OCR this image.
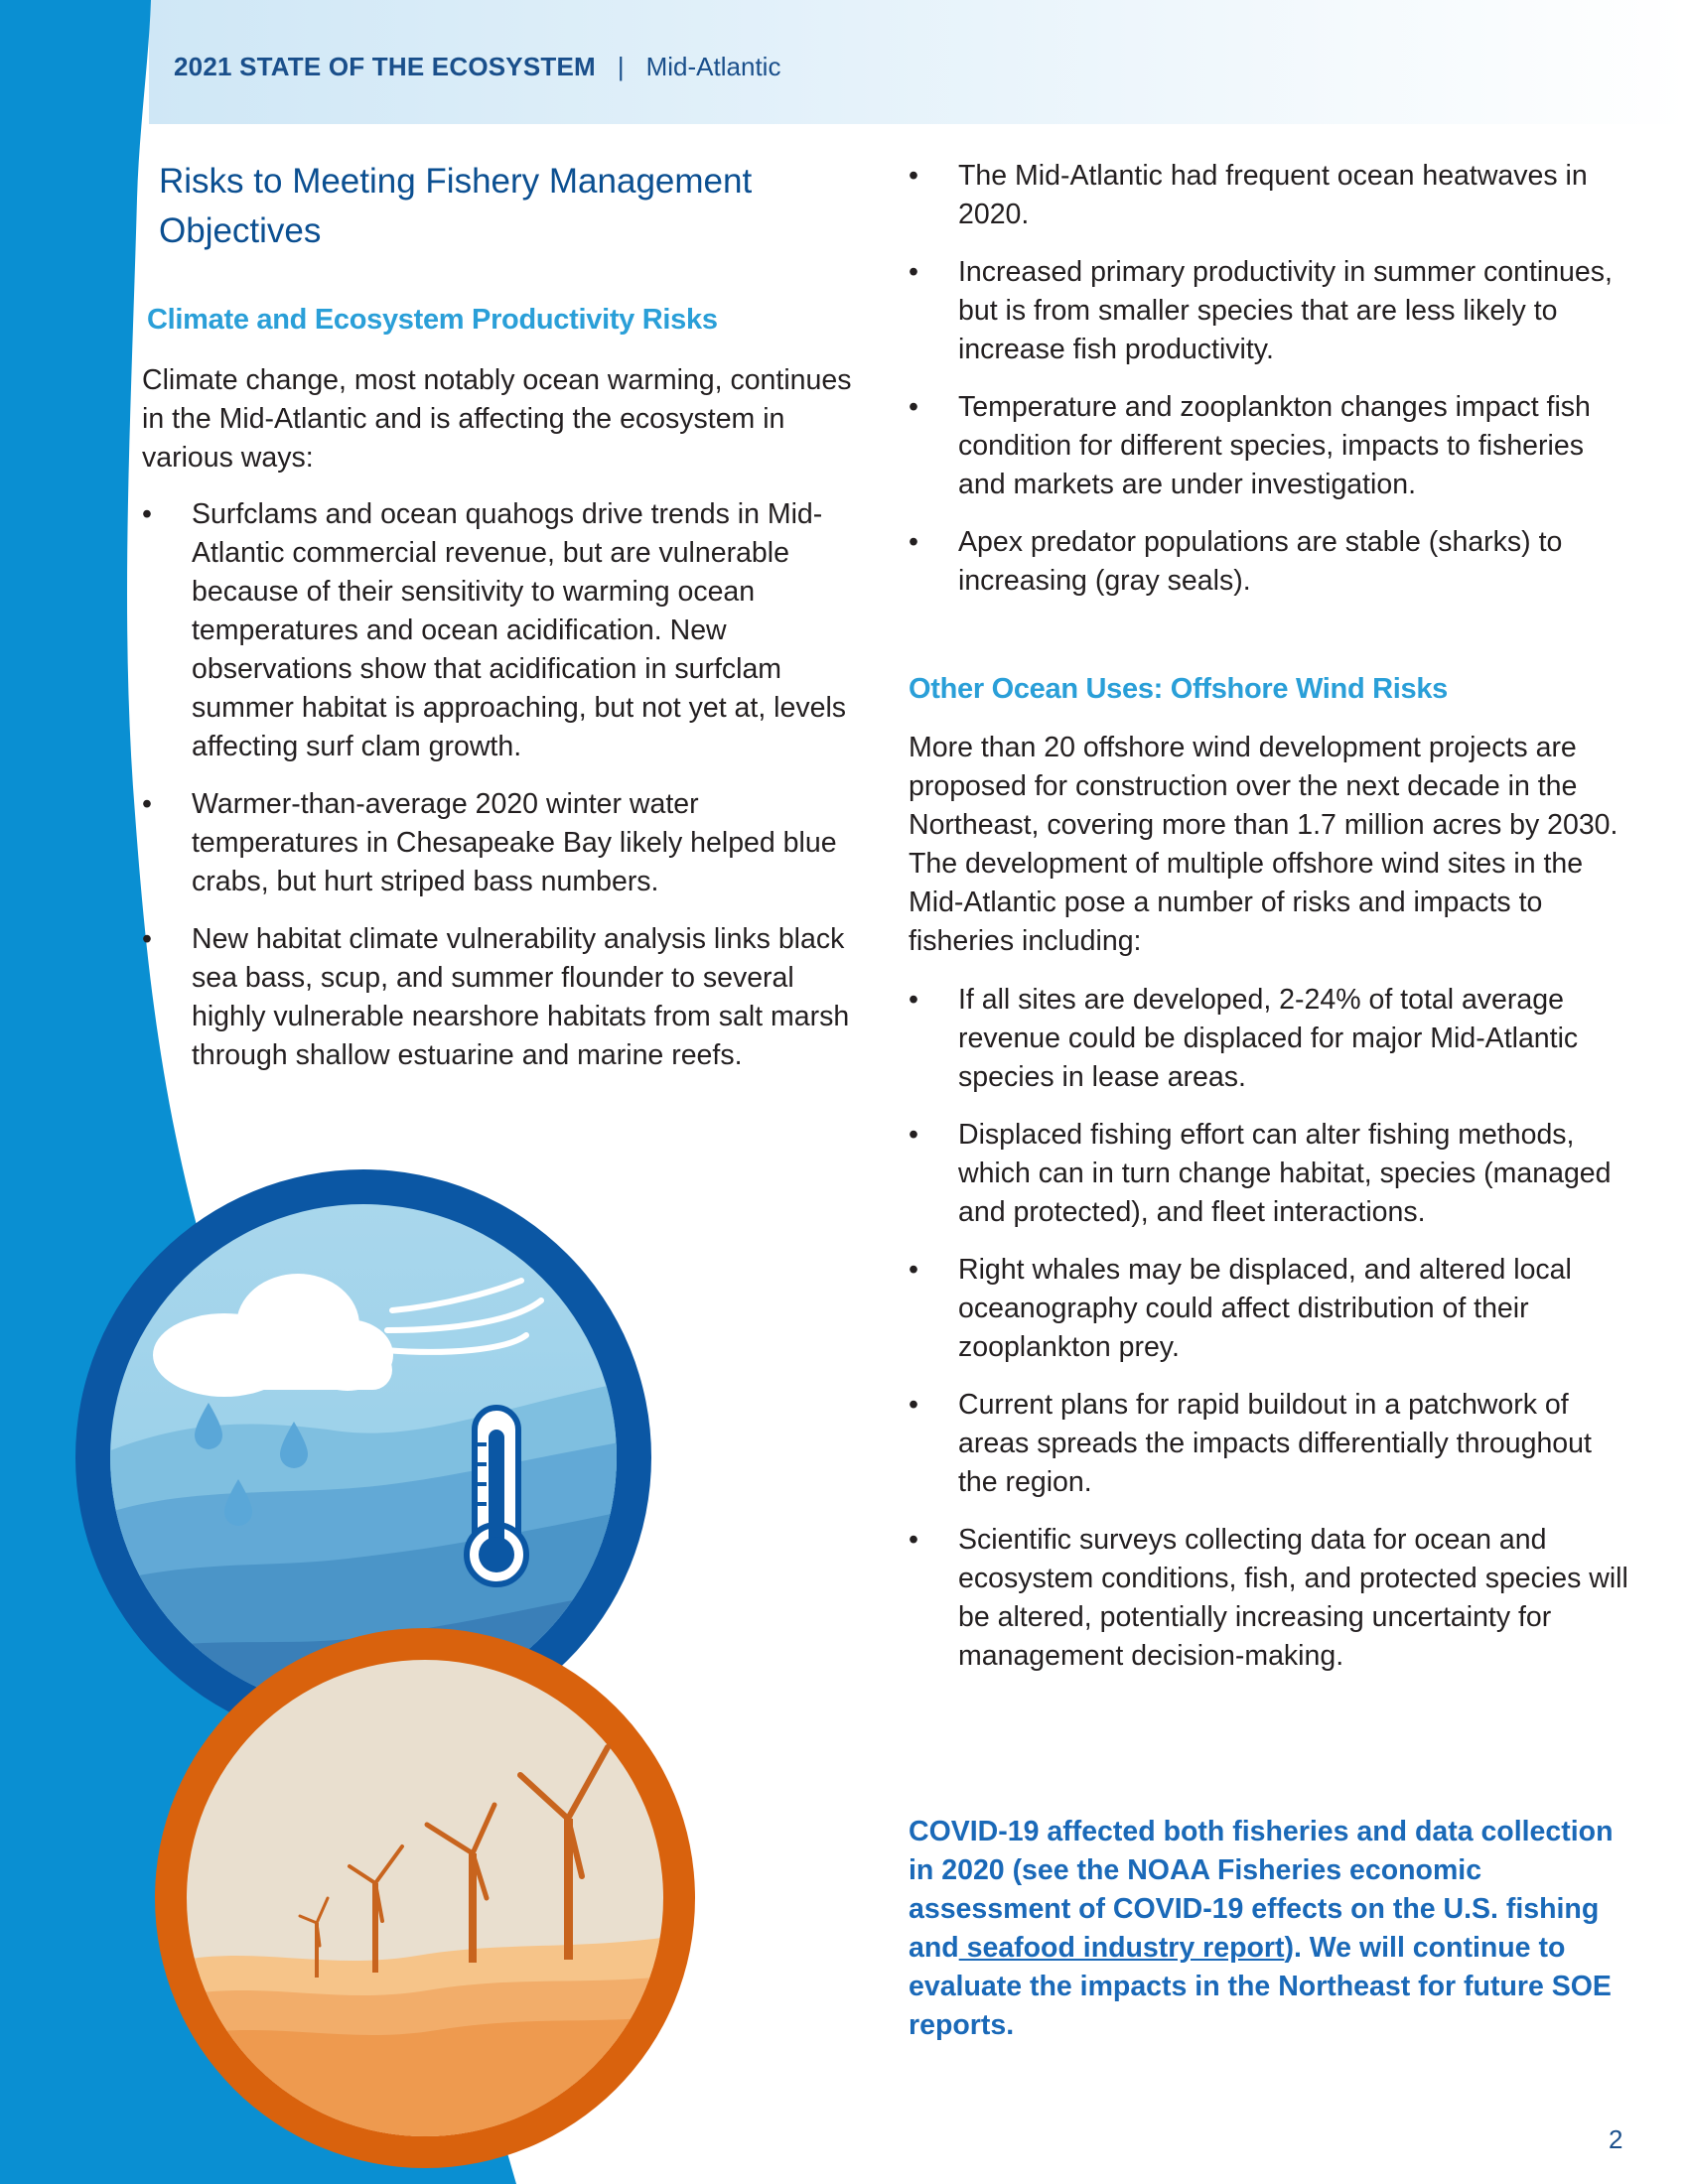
2021 STATE OF THE ECOSYSTEM | Mid-Atlantic
Risks to Meeting Fishery Management Objectives
Climate and Ecosystem Productivity Risks

Climate change, most notably ocean warming, continues in the Mid-Atlantic and is affecting the ecosystem in various ways:

• Surfclams and ocean quahogs drive trends in Mid-Atlantic commercial revenue, but are vulnerable because of their sensitivity to warming ocean temperatures and ocean acidification. New observations show that acidification in surfclam summer habitat is approaching, but not yet at, levels affecting surf clam growth.
• Warmer-than-average 2020 winter water temperatures in Chesapeake Bay likely helped blue crabs, but hurt striped bass numbers.
• New habitat climate vulnerability analysis links black sea bass, scup, and summer flounder to several highly vulnerable nearshore habitats from salt marsh through shallow estuarine and marine reefs.
• The Mid-Atlantic had frequent ocean heatwaves in 2020.
• Increased primary productivity in summer continues, but is from smaller species that are less likely to increase fish productivity.
• Temperature and zooplankton changes impact fish condition for different species, impacts to fisheries and markets are under investigation.
• Apex predator populations are stable (sharks) to increasing (gray seals).
Other Ocean Uses: Offshore Wind Risks

More than 20 offshore wind development projects are proposed for construction over the next decade in the Northeast, covering more than 1.7 million acres by 2030. The development of multiple offshore wind sites in the Mid-Atlantic pose a number of risks and impacts to fisheries including:

• If all sites are developed, 2-24% of total average revenue could be displaced for major Mid-Atlantic species in lease areas.
• Displaced fishing effort can alter fishing methods, which can in turn change habitat, species (managed and protected), and fleet interactions.
• Right whales may be displaced, and altered local oceanography could affect distribution of their zooplankton prey.
• Current plans for rapid buildout in a patchwork of areas spreads the impacts differentially throughout the region.
• Scientific surveys collecting data for ocean and ecosystem conditions, fish, and protected species will be altered, potentially increasing uncertainty for management decision-making.

COVID-19 affected both fisheries and data collection in 2020 (see the NOAA Fisheries economic assessment of COVID-19 effects on the U.S. fishing and seafood industry report). We will continue to evaluate the impacts in the Northeast for future SOE reports.

2
